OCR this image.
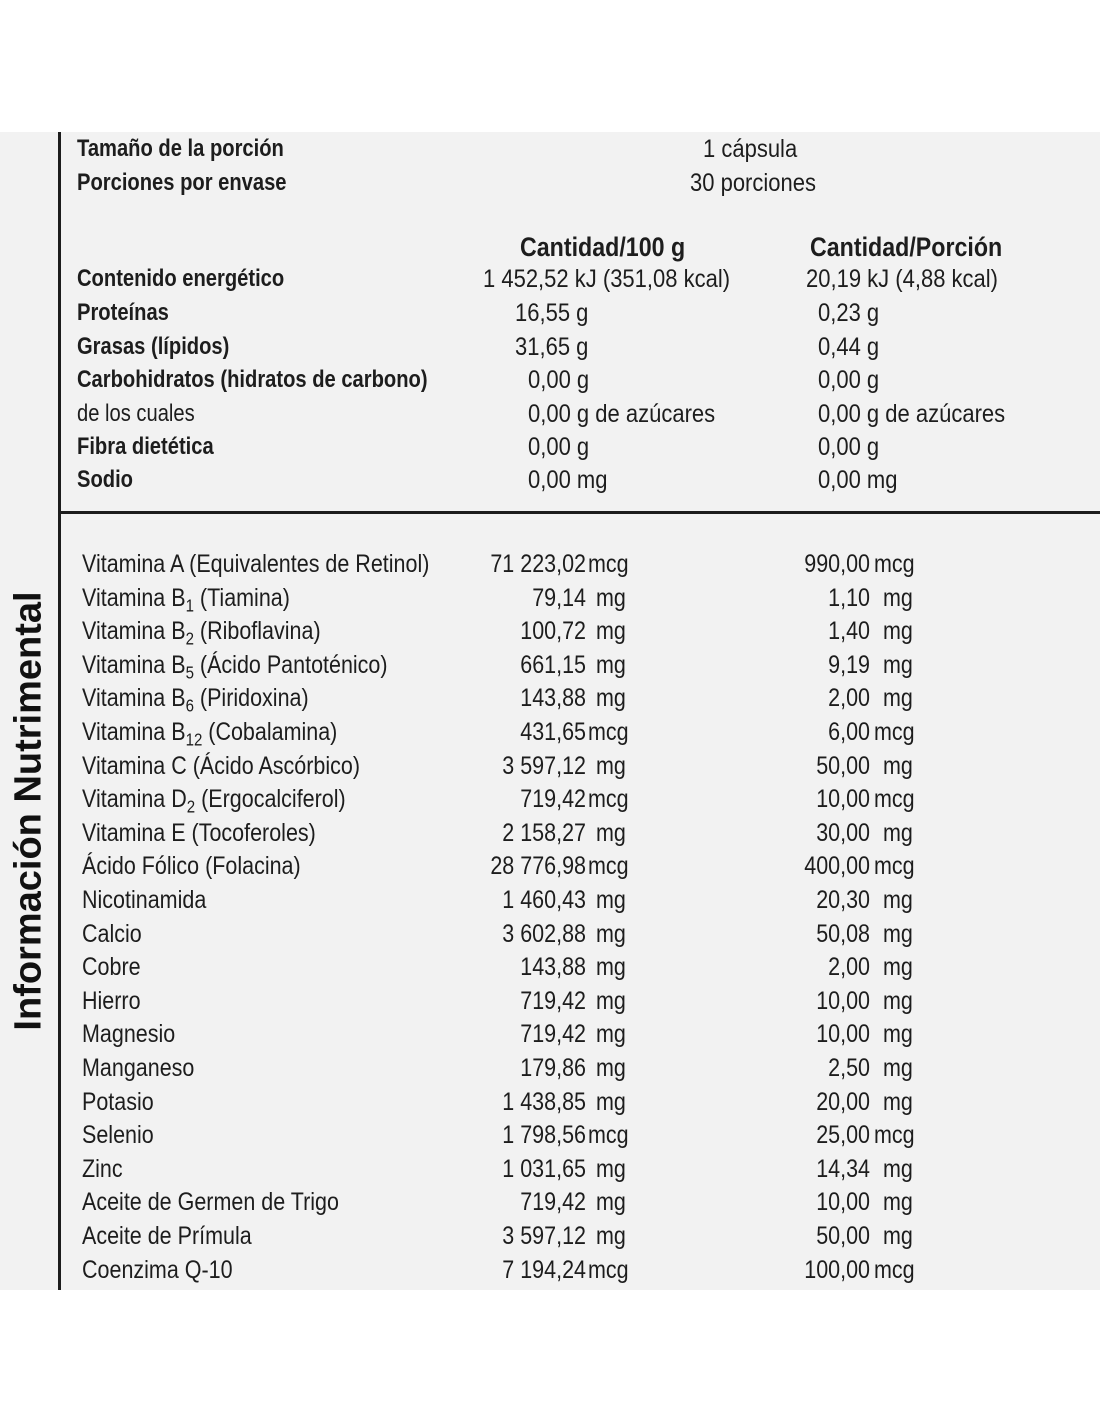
Información Nutrimental
Tamaño de la porción	1 cápsula
Porciones por envase	30 porciones
Cantidad/100 g	Cantidad/Porción
Contenido energético	1 452,52 kJ (351,08 kcal)	20,19 kJ (4,88 kcal)
Proteínas	16,55 g	0,23 g
Grasas (lípidos)	31,65 g	0,44 g
Carbohidratos (hidratos de carbono)	0,00 g	0,00 g
de los cuales	0,00 g de azúcares	0,00 g de azúcares
Fibra dietética	0,00 g	0,00 g
Sodio	0,00 mg	0,00 mg
Vitamina A (Equivalentes de Retinol)	71 223,02 mcg	990,00 mcg
Vitamina $B_1$ (Tiamina)	79,14 mg	1,10 mg
Vitamina $B_2$ (Riboflavina)	100,72 mg	1,40 mg
Vitamina $B_5$ (Ácido Pantoténico)	661,15 mg	9,19 mg
Vitamina $B_6$ (Piridoxina)	143,88 mg	2,00 mg
Vitamina $B_{12}$ (Cobalamina)	431,65 mcg	6,00 mcg
Vitamina C (Ácido Ascórbico)	3 597,12 mg	50,00 mg
Vitamina $D_2$ (Ergocalciferol)	719,42 mcg	10,00 mcg
Vitamina E (Tocoferoles)	2 158,27 mg	30,00 mg
Ácido Fólico (Folacina)	28 776,98 mcg	400,00 mcg
Nicotinamida	1 460,43 mg	20,30 mg
Calcio	3 602,88 mg	50,08 mg
Cobre	143,88 mg	2,00 mg
Hierro	719,42 mg	10,00 mg
Magnesio	719,42 mg	10,00 mg
Manganeso	179,86 mg	2,50 mg
Potasio	1 438,85 mg	20,00 mg
Selenio	1 798,56 mcg	25,00 mcg
Zinc	1 031,65 mg	14,34 mg
Aceite de Germen de Trigo	719,42 mg	10,00 mg
Aceite de Prímula	3 597,12 mg	50,00 mg
Coenzima Q-10	7 194,24 mcg	100,00 mcg
